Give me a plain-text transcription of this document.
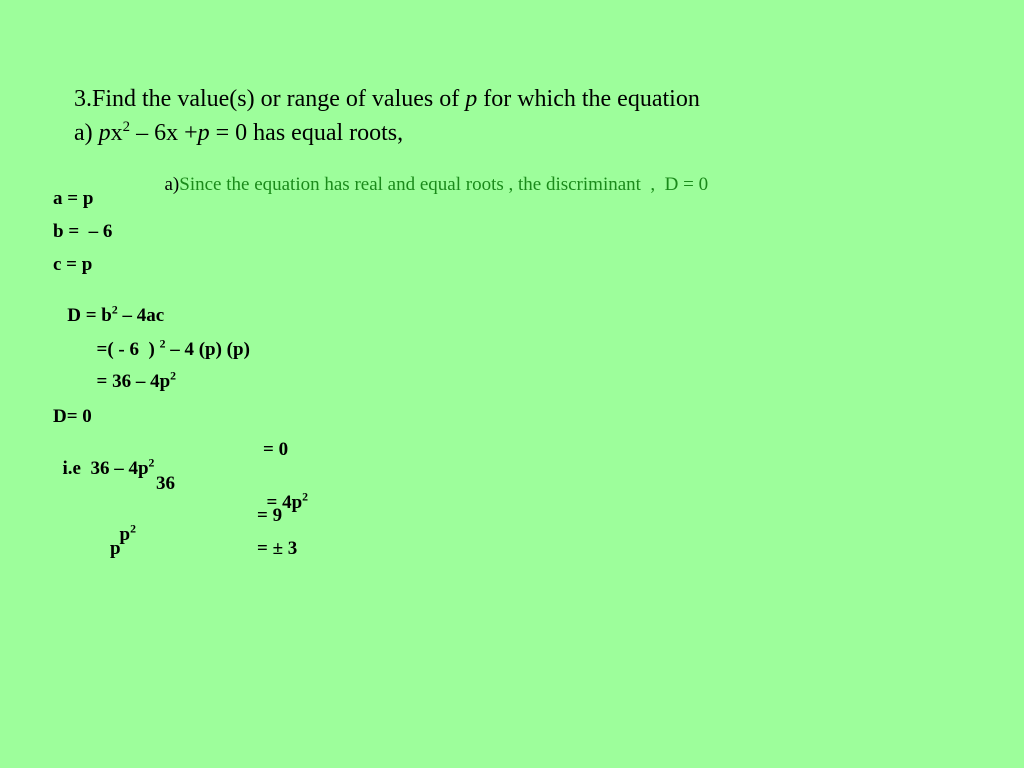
3.Find the value(s) or range of values of p for which the equation

a) $px^2 - 6x +p = 0$ has equal roots,

a)Since the equation has real and equal roots , the discriminant  ,  D = 0

a = p
b =  – 6
c = p

$D = b^2 - 4ac$

=( - 6  ) $^2$ – 4 (p) (p)

= $36 - 4p^2$

D= 0

i.e  $36 - 4p^2$

= 0
36

= $4p^2$

$p^2$

= 9
p	= ± 3
